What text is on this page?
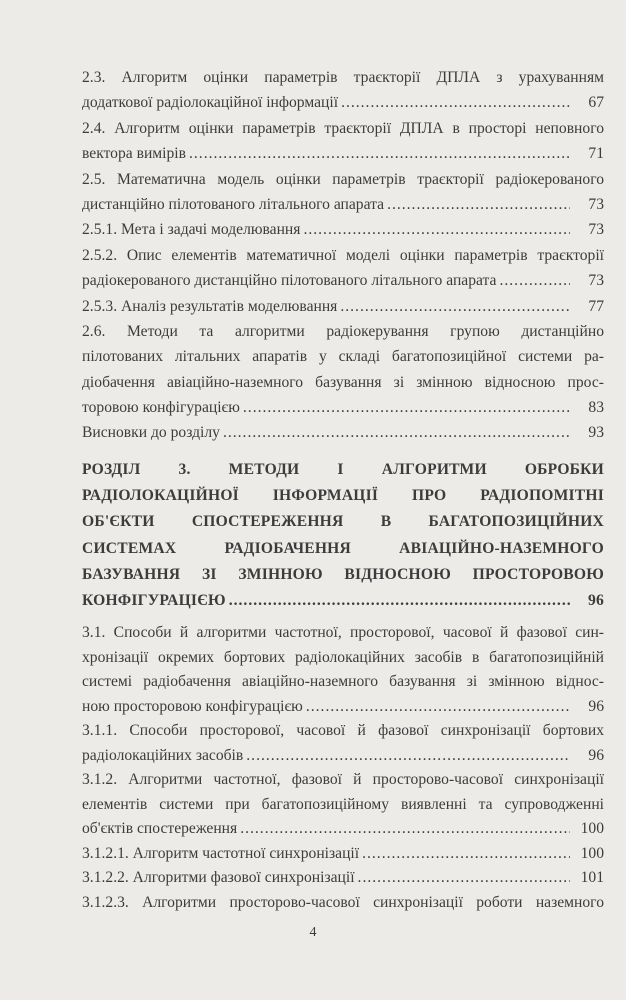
2.3. Алгоритм оцінки параметрів траєкторії ДПЛА з урахуванням
додаткової радіолокаційної інформації .....	67
2.4. Алгоритм оцінки параметрів траєкторії ДПЛА в просторі неповного
вектора вимірів .....	71
2.5. Математична модель оцінки параметрів траєкторії радіокерованого
дистанційно пілотованого літального апарата .....	73
2.5.1. Мета і задачі моделювання .....	73
2.5.2. Опис елементів математичної моделі оцінки параметрів траєкторії
радіокерованого дистанційно пілотованого літального апарата .....	73
2.5.3. Аналіз результатів моделювання .....	77
2.6. Методи та алгоритми радіокерування групою дистанційно
пілотованих літальних апаратів у складі багатопозиційної системи ра-
діобачення авіаційно-наземного базування зі змінною відносною прос-
торовою конфігурацією .....	83
Висновки до розділу .....	93
РОЗДІЛ 3. МЕТОДИ І АЛГОРИТМИ ОБРОБКИ
РАДІОЛОКАЦІЙНОЇ ІНФОРМАЦІЇ ПРО РАДІОПОМІТНІ
ОБ'ЄКТИ СПОСТЕРЕЖЕННЯ В БАГАТОПОЗИЦІЙНИХ
СИСТЕМАХ РАДІОБАЧЕННЯ АВІАЦІЙНО-НАЗЕМНОГО
БАЗУВАННЯ ЗІ ЗМІННОЮ ВІДНОСНОЮ ПРОСТОРОВОЮ
КОНФІГУРАЦІЄЮ .....	96
3.1. Способи й алгоритми частотної, просторової, часової й фазової син-
хронізації окремих бортових радіолокаційних засобів в багатопозиційній
системі радіобачення авіаційно-наземного базування зі змінною віднос-
ною просторовою конфігурацією .....	96
3.1.1. Способи просторової, часової й фазової синхронізації бортових
радіолокаційних засобів .....	96
3.1.2. Алгоритми частотної, фазової й просторово-часової синхронізації
елементів системи при багатопозиційному виявленні та супроводженні
об'єктів спостереження .....	100
3.1.2.1. Алгоритм частотної синхронізації .....	100
3.1.2.2. Алгоритми фазової синхронізації .....	101
3.1.2.3. Алгоритми просторово-часової синхронізації роботи наземного
4
